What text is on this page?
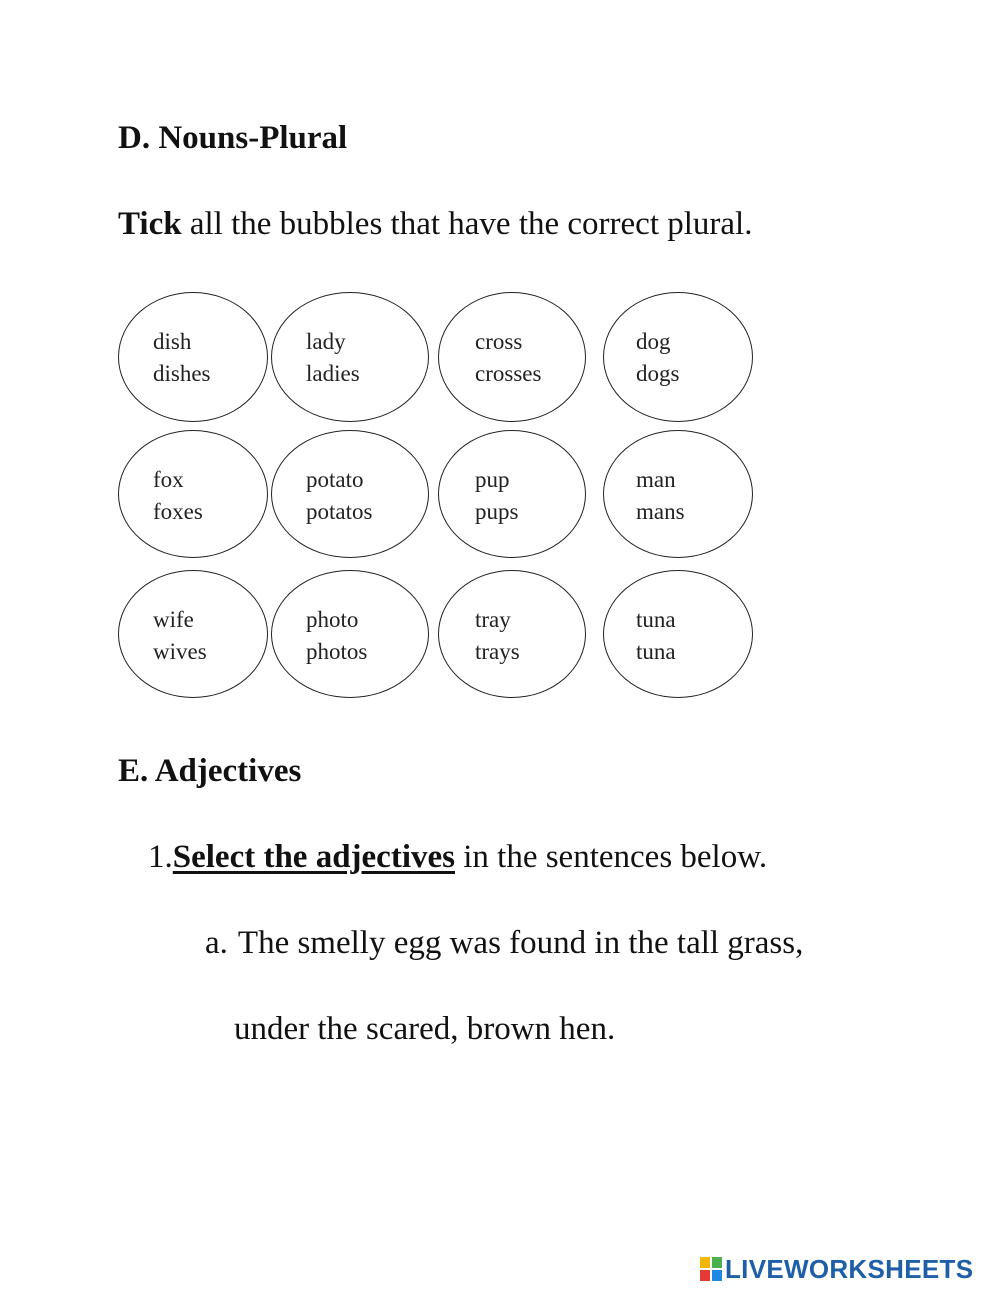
D. Nouns-Plural

Tick all the bubbles that have the correct plural.

dish
dishes
lady
ladies
cross
crosses
dog
dogs
fox
foxes
potato
potatos
pup
pups
man
mans
wife
wives
photo
photos
tray
trays
tuna
tuna
E. Adjectives

1.Select the adjectives in the sentences below.

a. The smelly egg was found in the tall grass,

under the scared, brown hen.

LIVEWORKSHEETS
